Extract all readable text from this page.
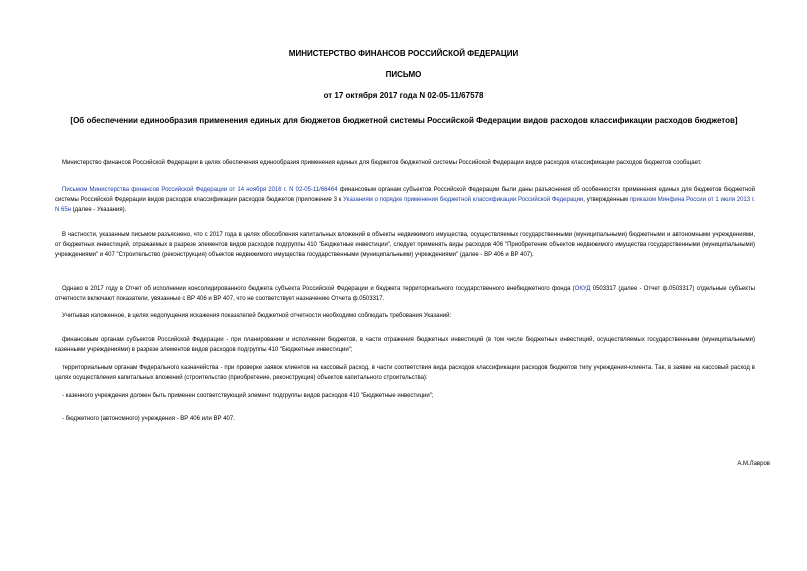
МИНИСТЕРСТВО ФИНАНСОВ РОССИЙСКОЙ ФЕДЕРАЦИИ
ПИСЬМО
от 17 октября 2017 года N 02-05-11/67578
[Об обеспечении единообразия применения единых для бюджетов бюджетной системы Российской Федерации видов расходов классификации расходов бюджетов]

Министерство финансов Российской Федерации в целях обеспечения единообразия применения единых для бюджетов бюджетной системы Российской Федерации видов расходов классификации расходов бюджетов сообщает.

Письмом Министерства финансов Российской Федерации от 14 ноября 2016 г. N 02-05-11/66464 финансовым органам субъектов Российской Федерации были даны разъяснения об особенностях применения единых для бюджетов бюджетной системы Российской Федерации видов расходов классификации расходов бюджетов (приложение 3 к Указаниям о порядке применения бюджетной классификации Российской Федерации, утвержденным приказом Минфина России от 1 июля 2013 г. N 65н (далее - Указания).

В частности, указанным письмом разъяснено, что с 2017 года в целях обособления капитальных вложений в объекты недвижимого имущества, осуществляемых государственными (муниципальными) бюджетными и автономными учреждениями, от бюджетных инвестиций, отражаемых в разрезе элементов видов расходов подгруппы 410 "Бюджетные инвестиции", следует применять виды расходов 406 "Приобретение объектов недвижимого имущества государственными (муниципальными) учреждениями" и 407 "Строительство (реконструкция) объектов недвижимого имущества государственными (муниципальными) учреждениями" (далее - ВР 406 и ВР 407).

Однако в 2017 году в Отчет об исполнении консолидированного бюджета субъекта Российской Федерации и бюджета территориального государственного внебюджетного фонда (ОКУД 0503317 (далее - Отчет ф.0503317) отдельные субъекты отчетности включают показатели, увязанные с ВР 406 и ВР 407, что не соответствует назначению Отчета ф.0503317.

Учитывая изложенное, в целях недопущения искажения показателей бюджетной отчетности необходимо соблюдать требования Указаний:

финансовым органам субъектов Российской Федерации - при планировании и исполнении бюджетов, в части отражения бюджетных инвестиций (в том числе бюджетных инвестиций, осуществляемых государственными (муниципальными) казенными учреждениями) в разрезе элементов видов расходов подгруппы 410 "Бюджетные инвестиции";

территориальным органам Федерального казначейства - при проверке заявок клиентов на кассовый расход, в части соответствия вида расходов классификации расходов бюджетов типу учреждения-клиента. Так, в заявке на кассовый расход в целях осуществления капитальных вложений (строительство (приобретение, реконструкция) объектов капитального строительства):

- казенного учреждения должен быть применен соответствующий элемент подгруппы видов расходов 410 "Бюджетные инвестиции";

- бюджетного (автономного) учреждения - ВР 406 или ВР 407.

А.М.Лавров
